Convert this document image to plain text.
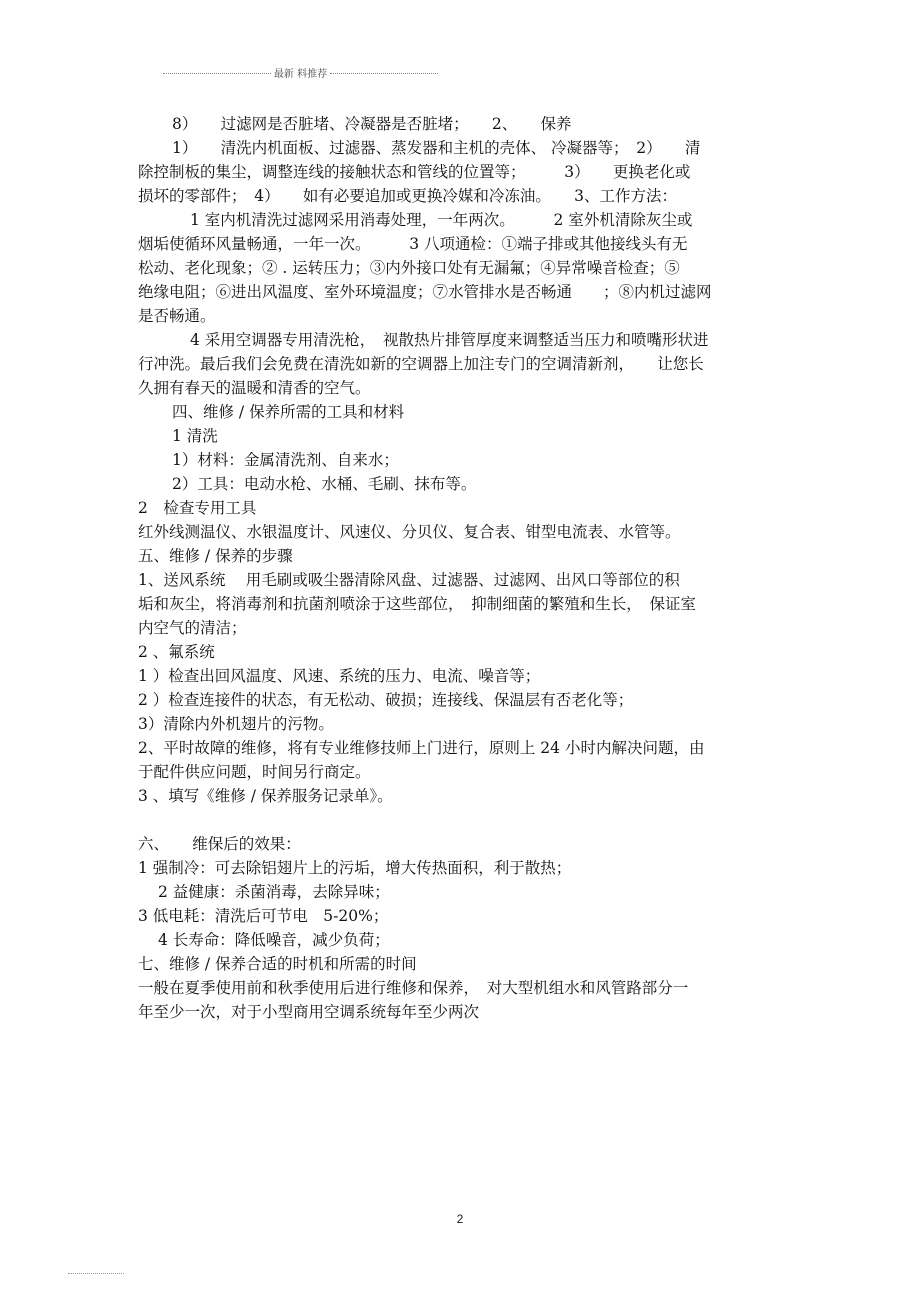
最新 料推荐

8）　　过滤网是否脏堵、冷凝器是否脏堵；　　2、　　保养

1）　　清洗内机面板、过滤器、蒸发器和主机的壳体、 冷凝器等；　2）　　清

除控制板的集尘，调整连线的接触状态和管线的位置等；　　　3）　　更换老化或

损坏的零部件；　4）　　如有必要追加或更换冷媒和冷冻油。　　3、工作方法：

1 室内机清洗过滤网采用消毒处理，一年两次。　　　2 室外机清除灰尘或

烟垢使循环风量畅通，一年一次。　　　3 八项通检：①端子排或其他接线头有无

松动、老化现象；② . 运转压力；③内外接口处有无漏氟；④异常噪音检查；⑤

绝缘电阻；⑥进出风温度、室外环境温度；⑦水管排水是否畅通　　；⑧内机过滤网

是否畅通。

4 采用空调器专用清洗枪，　视散热片排管厚度来调整适当压力和喷嘴形状进

行冲洗。最后我们会免费在清洗如新的空调器上加注专门的空调清新剂，　　让您长

久拥有春天的温暖和清香的空气。

四、维修 / 保养所需的工具和材料

1 清洗

1）材料：金属清洗剂、自来水；

2）工具：电动水枪、水桶、毛刷、抹布等。

2　检查专用工具

红外线测温仪、水银温度计、风速仪、分贝仪、复合表、钳型电流表、水管等。

五、维修 / 保养的步骤

1、送风系统　 用毛刷或吸尘器清除风盘、过滤器、过滤网、出风口等部位的积

垢和灰尘，将消毒剂和抗菌剂喷涂于这些部位，　抑制细菌的繁殖和生长，　保证室

内空气的清洁；

2 、氟系统

1 ）检查出回风温度、风速、系统的压力、电流、噪音等；

2 ）检查连接件的状态，有无松动、破损；连接线、保温层有否老化等；

3）清除内外机翅片的污物。

2、平时故障的维修，将有专业维修技师上门进行，原则上 24 小时内解决问题，由

于配件供应问题，时间另行商定。

3 、填写《维修 / 保养服务记录单》。

六、　　维保后的效果：

1 强制冷：可去除铝翅片上的污垢，增大传热面积，利于散热；

2 益健康：杀菌消毒，去除异味；

3 低电耗：清洗后可节电　5-20%；

4 长寿命：降低噪音，减少负荷；

七、维修 / 保养合适的时机和所需的时间

一般在夏季使用前和秋季使用后进行维修和保养，　对大型机组水和风管路部分一

年至少一次，对于小型商用空调系统每年至少两次

2
